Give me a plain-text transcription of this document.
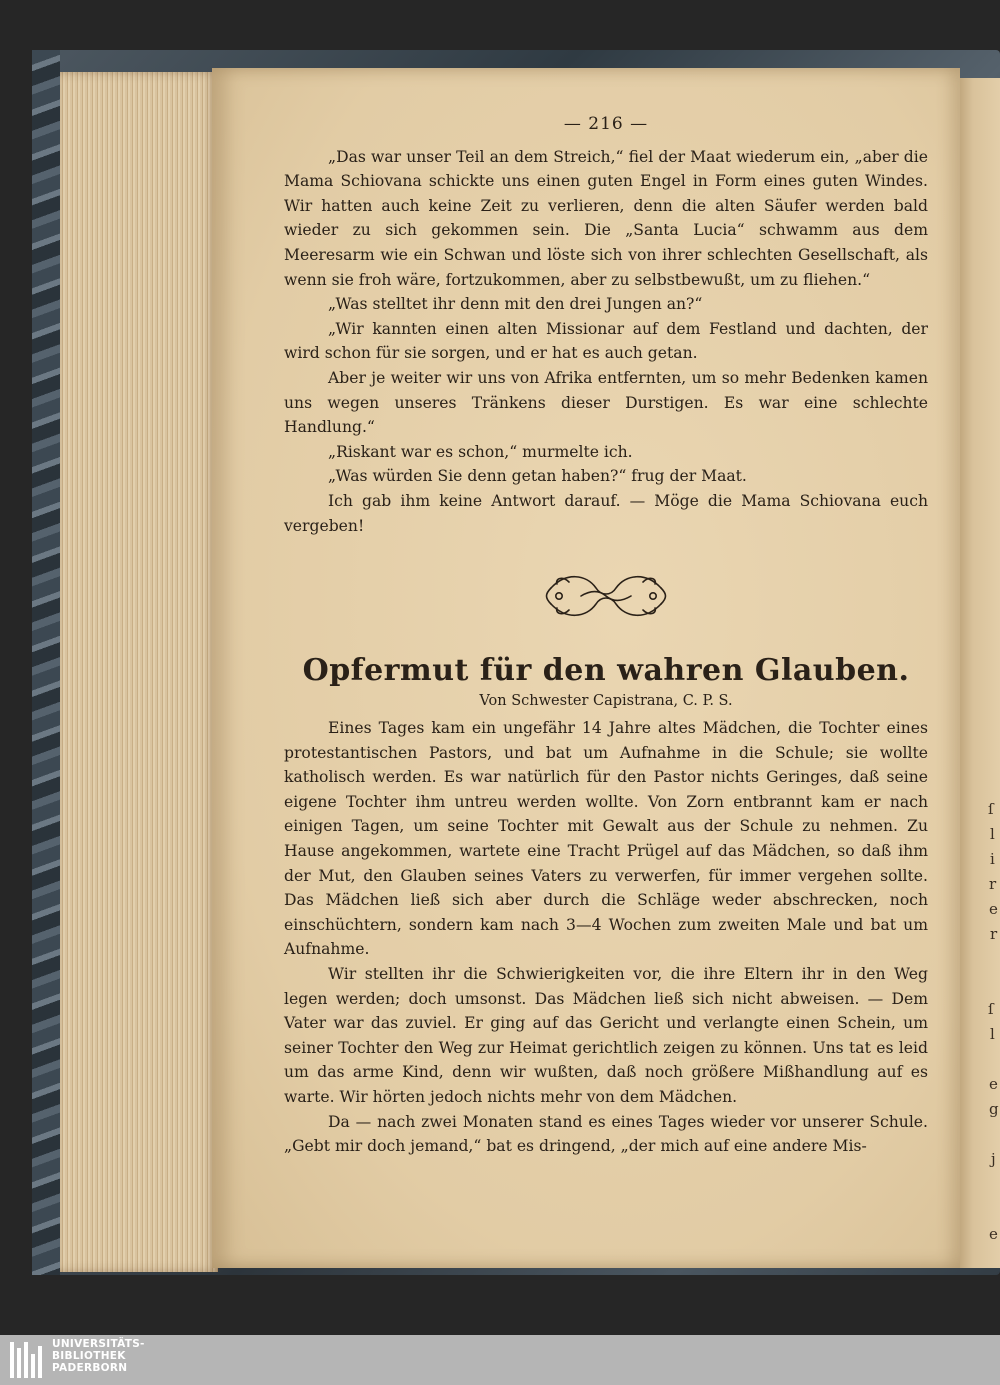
ſ
l
i
r
e
r
ſ
l
e
g
j
e
— 216 —

„Das war unser Teil an dem Streich,“ fiel der Maat wiederum ein, „aber die Mama Schiovana schickte uns einen guten Engel in Form eines guten Windes. Wir hatten auch keine Zeit zu verlieren, denn die alten Säufer werden bald wieder zu sich gekommen sein. Die „Santa Lucia“ schwamm aus dem Meeresarm wie ein Schwan und löste sich von ihrer schlechten Gesellschaft, als wenn sie froh wäre, fortzukommen, aber zu selbstbewußt, um zu fliehen.“

„Was stelltet ihr denn mit den drei Jungen an?“

„Wir kannten einen alten Missionar auf dem Festland und dachten, der wird schon für sie sorgen, und er hat es auch getan.

Aber je weiter wir uns von Afrika entfernten, um so mehr Bedenken kamen uns wegen unseres Tränkens dieser Durstigen. Es war eine schlechte Handlung.“

„Riskant war es schon,“ murmelte ich.

„Was würden Sie denn getan haben?“ frug der Maat.

Ich gab ihm keine Antwort darauf. — Möge die Mama Schiovana euch vergeben!

Opfermut für den wahren Glauben.
Von Schwester Capistrana, C. P. S.

Eines Tages kam ein ungefähr 14 Jahre altes Mädchen, die Tochter eines protestantischen Pastors, und bat um Aufnahme in die Schule; sie wollte katholisch werden. Es war natürlich für den Pastor nichts Geringes, daß seine eigene Tochter ihm untreu werden wollte. Von Zorn entbrannt kam er nach einigen Tagen, um seine Tochter mit Gewalt aus der Schule zu nehmen. Zu Hause angekommen, wartete eine Tracht Prügel auf das Mädchen, so daß ihm der Mut, den Glauben seines Vaters zu verwerfen, für immer vergehen sollte. Das Mädchen ließ sich aber durch die Schläge weder abschrecken, noch einschüchtern, sondern kam nach 3—4 Wochen zum zweiten Male und bat um Aufnahme.

Wir stellten ihr die Schwierigkeiten vor, die ihre Eltern ihr in den Weg legen werden; doch umsonst. Das Mädchen ließ sich nicht abweisen. — Dem Vater war das zuviel. Er ging auf das Gericht und verlangte einen Schein, um seiner Tochter den Weg zur Heimat gerichtlich zeigen zu können. Uns tat es leid um das arme Kind, denn wir wußten, daß noch größere Mißhandlung auf es warte. Wir hörten jedoch nichts mehr von dem Mädchen.

Da — nach zwei Monaten stand es eines Tages wieder vor unserer Schule. „Gebt mir doch jemand,“ bat es dringend, „der mich auf eine andere Mis-

UNIVERSITÄTS-
BIBLIOTHEK
PADERBORN
